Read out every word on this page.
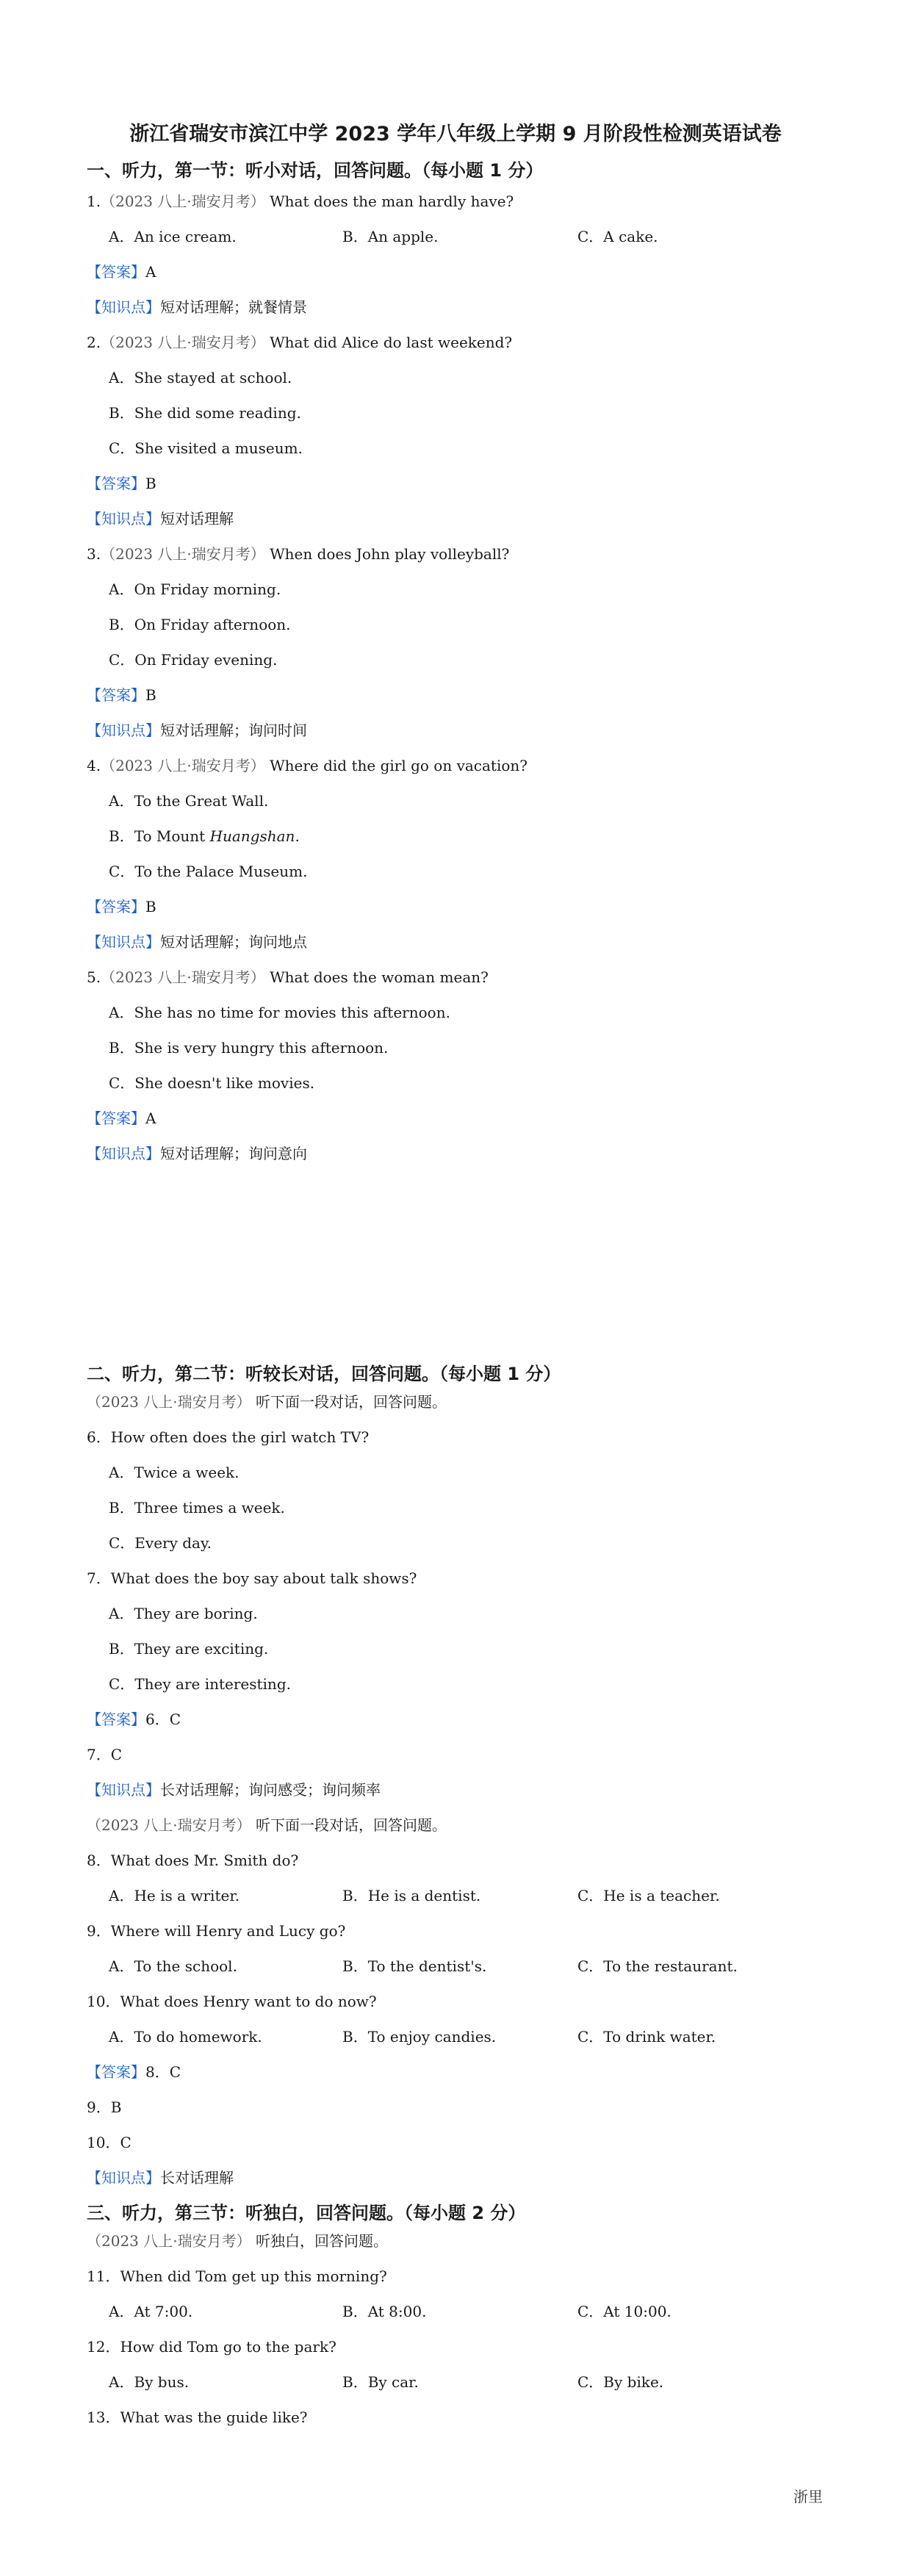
浙江省瑞安市滨江中学 2023 学年八年级上学期 9 月阶段性检测英语试卷
一、听力，第一节：听小对话，回答问题。（每小题 1 分）
1.（2023 八上·瑞安月考） What does the man hardly have?
A．An ice cream.	B．An apple.	C．A cake.
【答案】A
【知识点】短对话理解；就餐情景
2.（2023 八上·瑞安月考） What did Alice do last weekend?
A．She stayed at school.
B．She did some reading.
C．She visited a museum.
【答案】B
【知识点】短对话理解
3.（2023 八上·瑞安月考） When does John play volleyball?
A．On Friday morning.
B．On Friday afternoon.
C．On Friday evening.
【答案】B
【知识点】短对话理解；询问时间
4.（2023 八上·瑞安月考） Where did the girl go on vacation?
A．To the Great Wall.
B．To Mount Huangshan.
C．To the Palace Museum.
【答案】B
【知识点】短对话理解；询问地点
5.（2023 八上·瑞安月考） What does the woman mean?
A．She has no time for movies this afternoon.
B．She is very hungry this afternoon.
C．She doesn't like movies.
【答案】A
【知识点】短对话理解；询问意向
二、听力，第二节：听较长对话，回答问题。（每小题 1 分）
（2023 八上·瑞安月考） 听下面一段对话，回答问题。
6．How often does the girl watch TV?
A．Twice a week.
B．Three times a week.
C．Every day.
7．What does the boy say about talk shows?
A．They are boring.
B．They are exciting.
C．They are interesting.
【答案】6．C
7．C
【知识点】长对话理解；询问感受；询问频率
（2023 八上·瑞安月考） 听下面一段对话，回答问题。
8．What does Mr. Smith do?
A．He is a writer.	B．He is a dentist.	C．He is a teacher.
9．Where will Henry and Lucy go?
A．To the school.	B．To the dentist's.	C．To the restaurant.
10．What does Henry want to do now?
A．To do homework.	B．To enjoy candies.	C．To drink water.
【答案】8．C
9．B
10．C
【知识点】长对话理解
三、听力，第三节：听独白，回答问题。（每小题 2 分）
（2023 八上·瑞安月考） 听独白，回答问题。
11．When did Tom get up this morning?
A．At 7:00.	B．At 8:00.	C．At 10:00.
12．How did Tom go to the park?
A．By bus.	B．By car.	C．By bike.
13．What was the guide like?
浙里
